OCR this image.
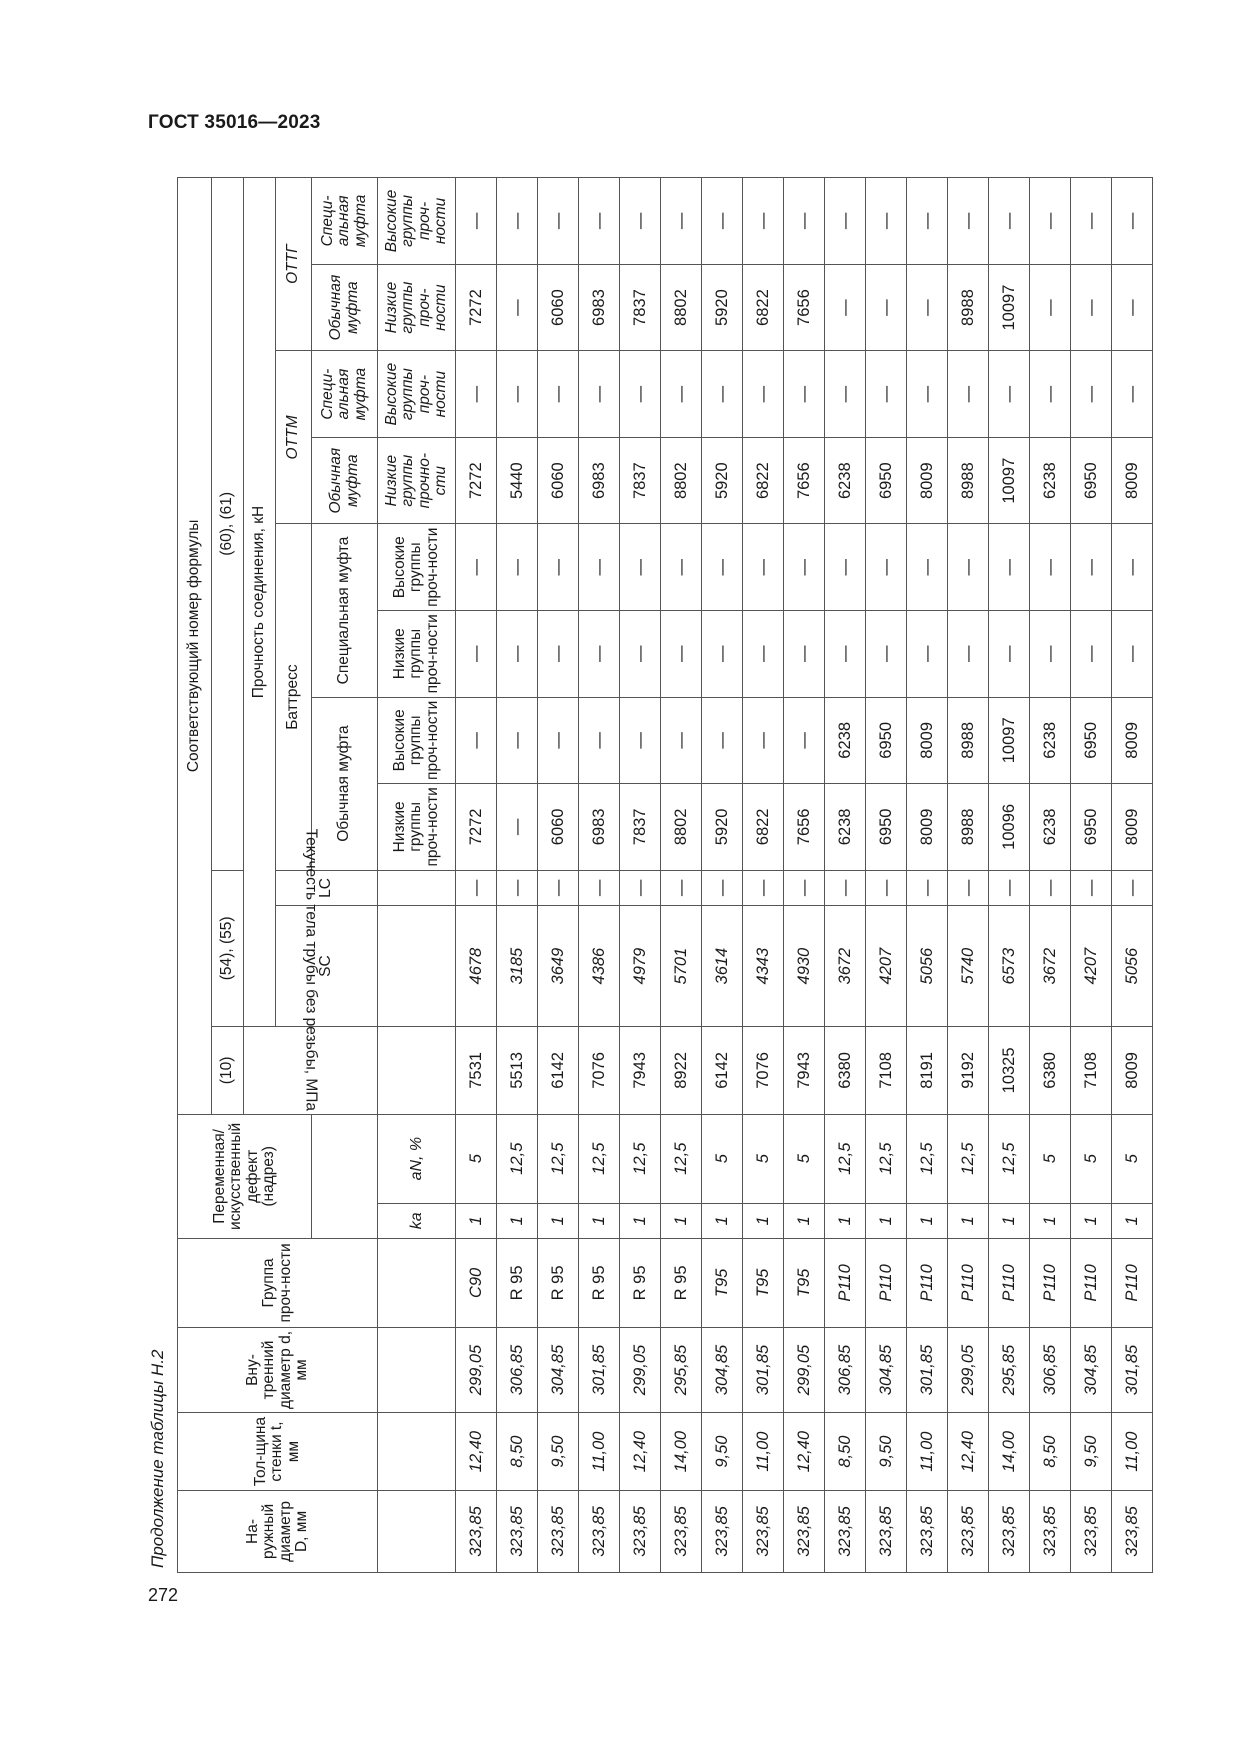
ГОСТ 35016—2023
Продолжение таблицы Н.2
272
На-ружный диаметр D, мм	Тол-щина стенки t, мм	Вну-тренний диаметр d, мм	Группа проч-ности	Переменная/ искусственный дефект (надрез)		Соответствующий номер формулы										
						(10)	(54), (55)		(60), (61)							
						Текучесть тела трубы без резьбы, МПа	Прочность соединения, кН									
							SC	LC	Баттресс				ОТТМ		ОТТГ	
									Обычная муфта		Специальная муфта		Обычная муфта	Специ-альная муфта	Обычная муфта	Специ-альная муфта
				ka	aN, %				Низкие группы проч-ности	Высокие группы проч-ности	Низкие группы проч-ности	Высокие группы проч-ности	Низкие группы прочно-сти	Высокие группы проч-ности	Низкие группы проч-ности	Высокие группы проч-ности
323,85	12,40	299,05	C90	1	5	7531	4678	—	7272	—	—	—	7272	—	7272	—
323,85	8,50	306,85	R 95	1	12,5	5513	3185	—	—	—	—	—	5440	—	—	—
323,85	9,50	304,85	R 95	1	12,5	6142	3649	—	6060	—	—	—	6060	—	6060	—
323,85	11,00	301,85	R 95	1	12,5	7076	4386	—	6983	—	—	—	6983	—	6983	—
323,85	12,40	299,05	R 95	1	12,5	7943	4979	—	7837	—	—	—	7837	—	7837	—
323,85	14,00	295,85	R 95	1	12,5	8922	5701	—	8802	—	—	—	8802	—	8802	—
323,85	9,50	304,85	T95	1	5	6142	3614	—	5920	—	—	—	5920	—	5920	—
323,85	11,00	301,85	T95	1	5	7076	4343	—	6822	—	—	—	6822	—	6822	—
323,85	12,40	299,05	T95	1	5	7943	4930	—	7656	—	—	—	7656	—	7656	—
323,85	8,50	306,85	P110	1	12,5	6380	3672	—	6238	6238	—	—	6238	—	—	—
323,85	9,50	304,85	P110	1	12,5	7108	4207	—	6950	6950	—	—	6950	—	—	—
323,85	11,00	301,85	P110	1	12,5	8191	5056	—	8009	8009	—	—	8009	—	—	—
323,85	12,40	299,05	P110	1	12,5	9192	5740	—	8988	8988	—	—	8988	—	8988	—
323,85	14,00	295,85	P110	1	12,5	10325	6573	—	10096	10097	—	—	10097	—	10097	—
323,85	8,50	306,85	P110	1	5	6380	3672	—	6238	6238	—	—	6238	—	—	—
323,85	9,50	304,85	P110	1	5	7108	4207	—	6950	6950	—	—	6950	—	—	—
323,85	11,00	301,85	P110	1	5	8009	5056	—	8009	8009	—	—	8009	—	—	—
